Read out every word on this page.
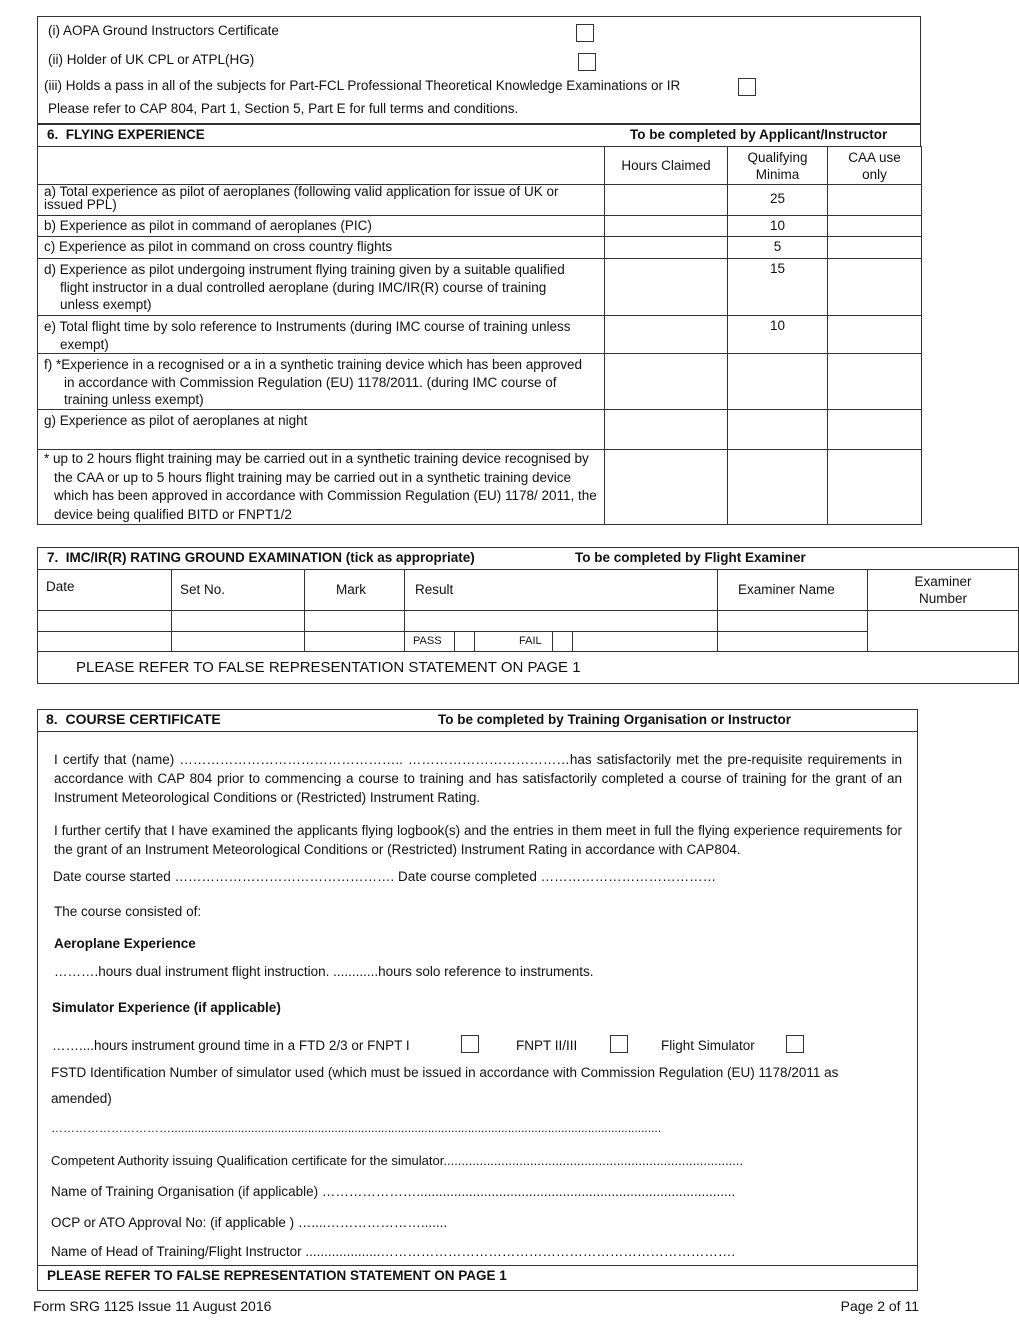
(i) AOPA Ground Instructors Certificate
(ii) Holder of UK CPL or ATPL(HG)
(iii) Holds a pass in all of the subjects for Part-FCL Professional Theoretical Knowledge Examinations or IR
Please refer to CAP 804, Part 1, Section 5, Part E for full terms and conditions.
6. FLYING EXPERIENCE	To be completed by Applicant/Instructor
	Hours Claimed	Qualifying
Minima	CAA use
only
a) Total experience as pilot of aeroplanes (following valid application for issue of UK or issued PPL)		25	
b) Experience as pilot in command of aeroplanes (PIC)		10	
c) Experience as pilot in command on cross country flights		5	
d) Experience as pilot undergoing instrument flying training given by a suitable qualified flight instructor in a dual controlled aeroplane (during IMC/IR(R) course of training unless exempt)		15	
e) Total flight time by solo reference to Instruments (during IMC course of training unless exempt)		10	
f) *Experience in a recognised or a in a synthetic training device which has been approved in accordance with Commission Regulation (EU) 1178/2011. (during IMC course of training unless exempt)			
g) Experience as pilot of aeroplanes at night			
* up to 2 hours flight training may be carried out in a synthetic training device recognised by the CAA or up to 5 hours flight training may be carried out in a synthetic training device which has been approved in accordance with Commission Regulation (EU) 1178/ 2011, the device being qualified BITD or FNPT1/2			
7. IMC/IR(R) RATING GROUND EXAMINATION (tick as appropriate) To be completed by Flight Examiner					

Date	Set No.	Mark	Result	Examiner Name	Examiner
Number

			PASS FAIL		

PLEASE REFER TO FALSE REPRESENTATION STATEMENT ON PAGE 1					
8. COURSE CERTIFICATE	To be completed by Training Organisation or Instructor
I certify that (name) ………………………………………….. ………………………………has satisfactorily met the pre-requisite requirements in accordance with CAP 804 prior to commencing a course to training and has satisfactorily completed a course of training for the grant of an Instrument Meteorological Conditions or (Restricted) Instrument Rating.
I further certify that I have examined the applicants flying logbook(s) and the entries in them meet in full the flying experience requirements for the grant of an Instrument Meteorological Conditions or (Restricted) Instrument Rating in accordance with CAP804.
Date course started …………………………………………. Date course completed …………………………………
The course consisted of:
Aeroplane Experience
……….hours dual instrument flight instruction. ............hours solo reference to instruments.
Simulator Experience (if applicable)
……....hours instrument ground time in a FTD 2/3 or FNPT I	FNPT II/III	Flight Simulator
FSTD Identification Number of simulator used (which must be issued in accordance with Commission Regulation (EU) 1178/2011 as
amended)
…………………………...................................................................................................................................................
Competent Authority issuing Qualification certificate for the simulator...................................................................................
Name of Training Organisation (if applicable) ………………….....................................................................................
OCP or ATO Approval No: (if applicable ) …....………………….......
Name of Head of Training/Flight Instructor ....................…………………………………………………………………….
PLEASE REFER TO FALSE REPRESENTATION STATEMENT ON PAGE 1
Form SRG 1125 Issue 11 August 2016	Page 2 of 11
